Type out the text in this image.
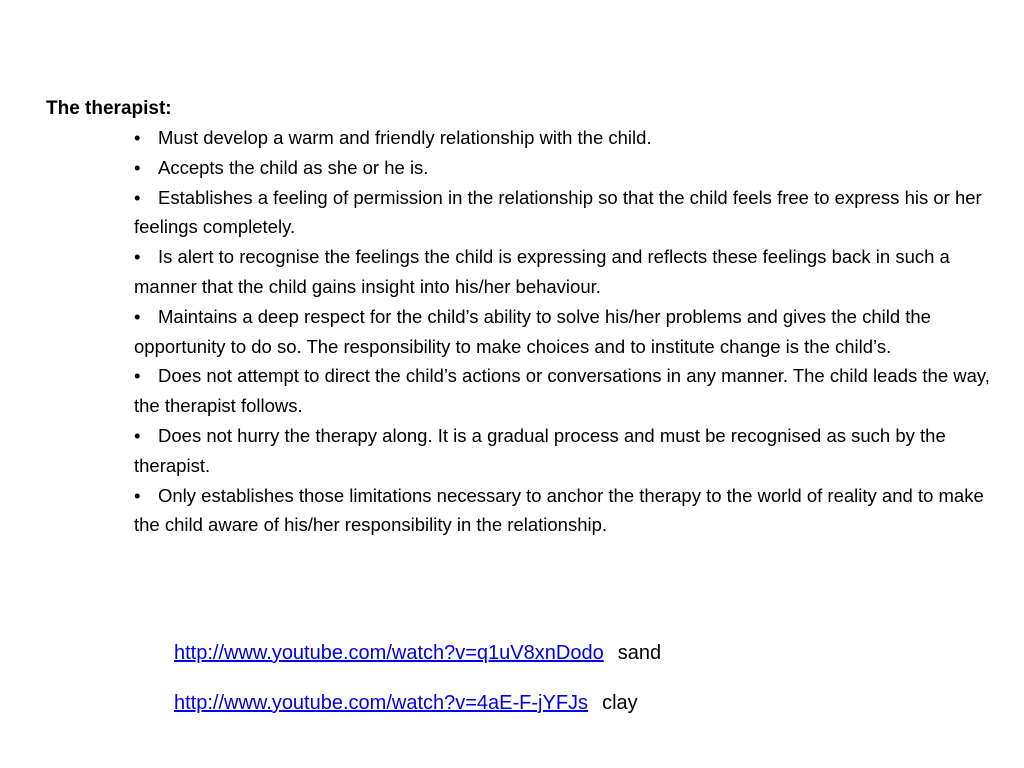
The therapist:
• Must develop a warm and friendly relationship with the child.
• Accepts the child as she or he is.
• Establishes a feeling of permission in the relationship so that the child feels free to express his or her feelings completely.
• Is alert to recognise the feelings the child is expressing and reflects these feelings back in such a manner that the child gains insight into his/her behaviour.
• Maintains a deep respect for the child’s ability to solve his/her problems and gives the child the opportunity to do so. The responsibility to make choices and to institute change is the child’s.
• Does not attempt to direct the child’s actions or conversations in any manner. The child leads the way, the therapist follows.
• Does not hurry the therapy along. It is a gradual process and must be recognised as such by the therapist.
• Only establishes those limitations necessary to anchor the therapy to the world of reality and to make the child aware of his/her responsibility in the relationship.
http://www.youtube.com/watch?v=q1uV8xnDodo sand
http://www.youtube.com/watch?v=4aE-F-jYFJs clay
